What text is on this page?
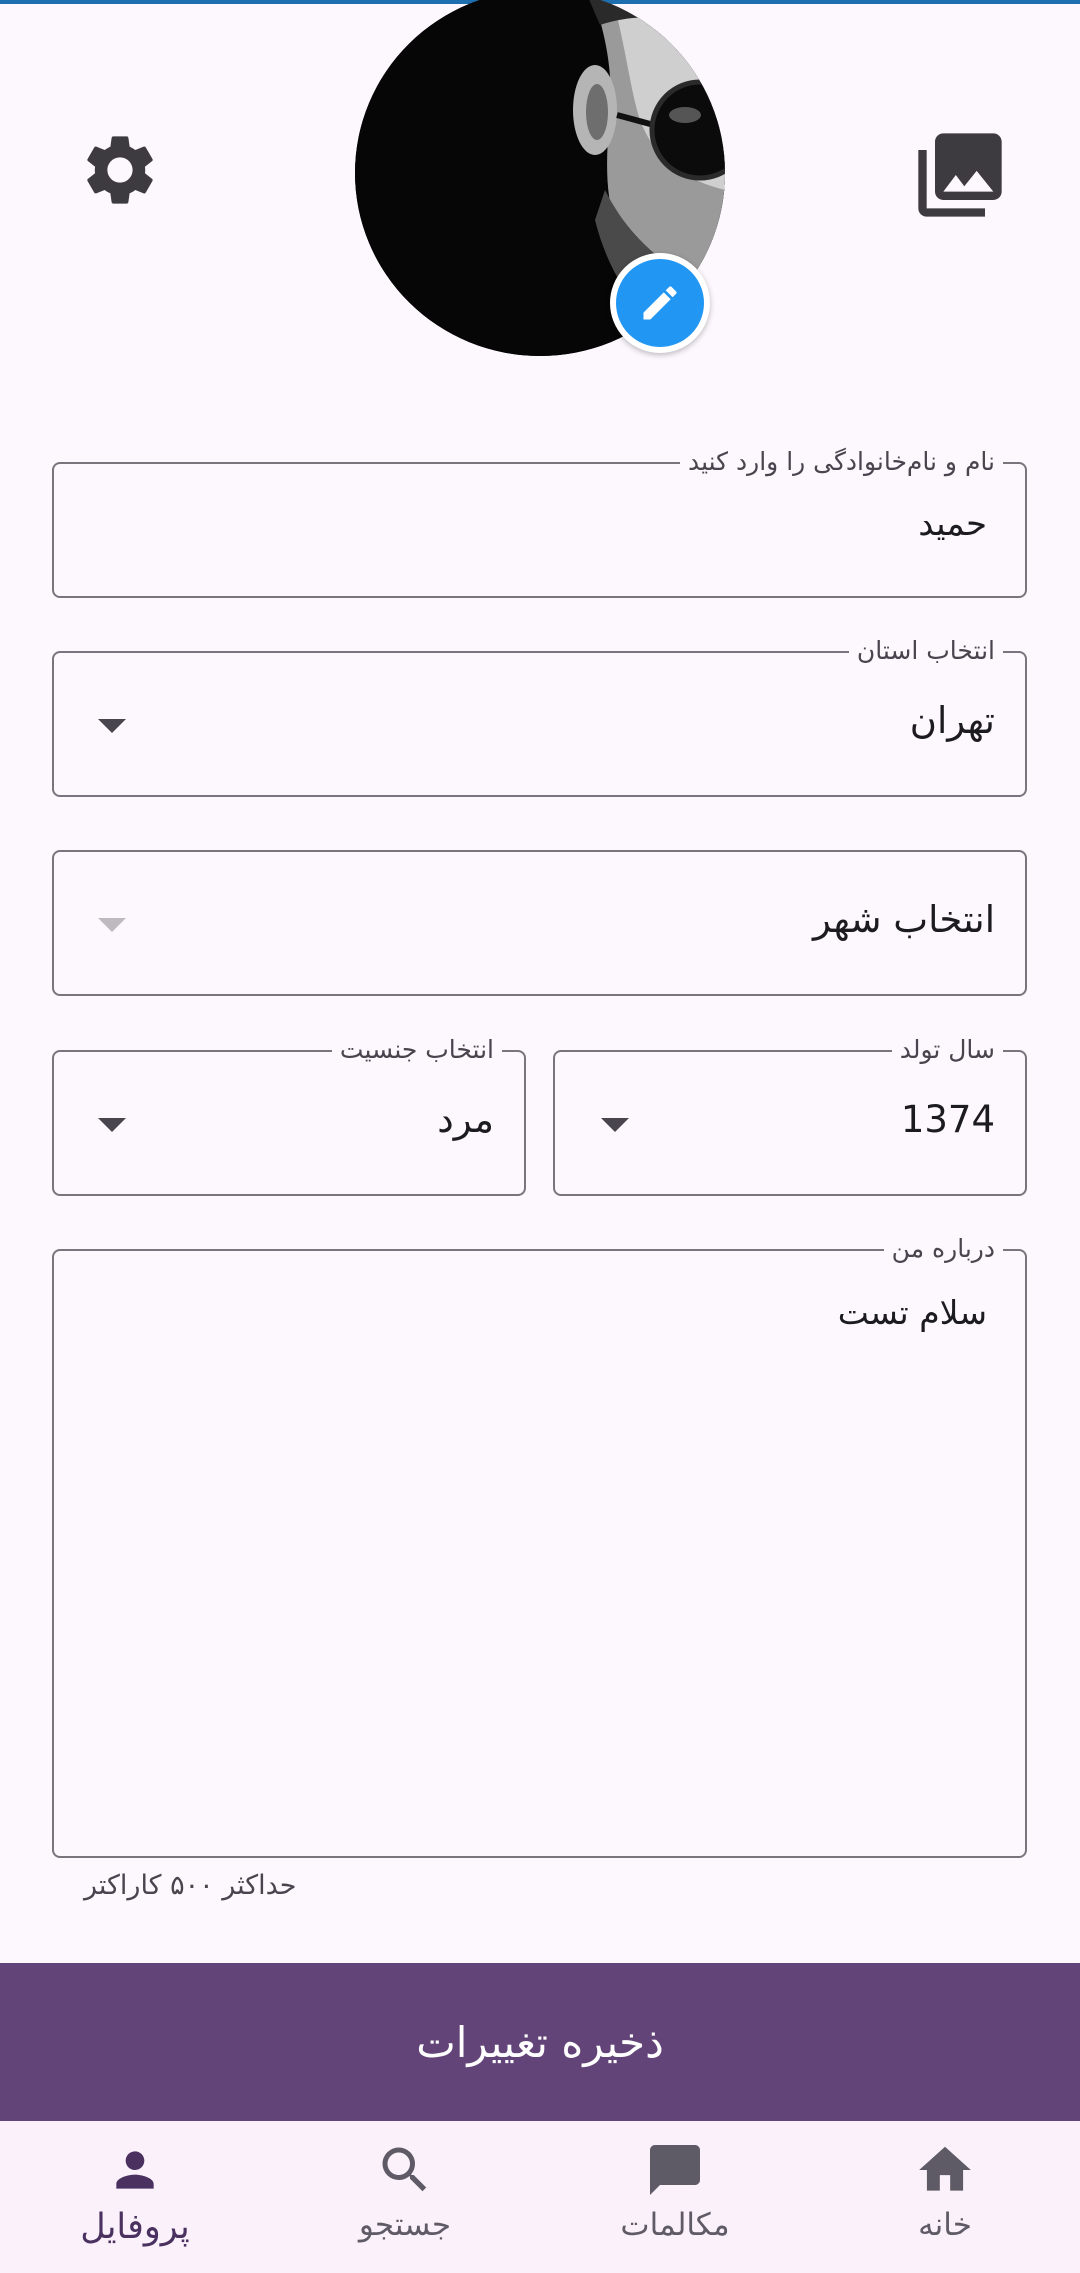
نام و نام‌خانوادگی را وارد کنید
حمید
انتخاب استان
تهران
انتخاب شهر
سال تولد
1374
انتخاب جنسیت
مرد
درباره من
سلام تست
حداکثر ۵۰۰ کاراکتر
ذخیره تغییرات
پروفایل	جستجو	مکالمات	خانه
